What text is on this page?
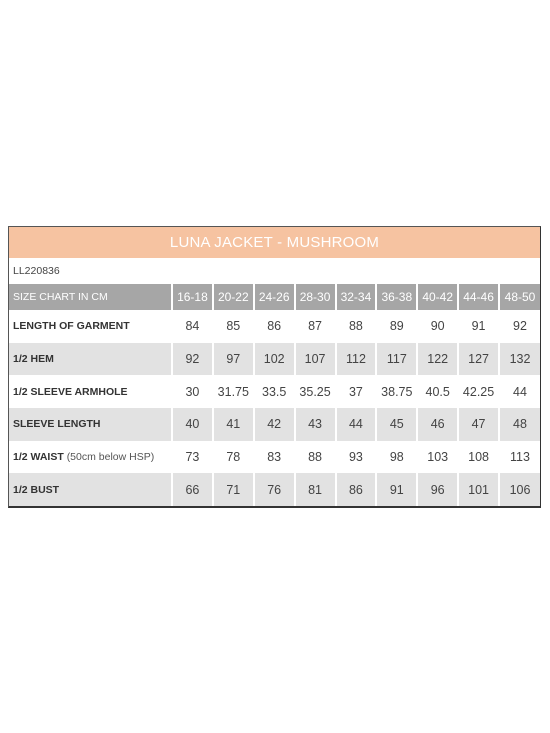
LUNA JACKET - MUSHROOM
LL220836
SIZE CHART IN CM	16-18	20-22	24-26	28-30	32-34	36-38	40-42	44-46	48-50
LENGTH OF GARMENT	84	85	86	87	88	89	90	91	92
1/2 HEM	92	97	102	107	112	117	122	127	132
1/2 SLEEVE ARMHOLE	30	31.75	33.5	35.25	37	38.75	40.5	42.25	44
SLEEVE LENGTH	40	41	42	43	44	45	46	47	48
1/2 WAIST (50cm below HSP)	73	78	83	88	93	98	103	108	113
1/2 BUST	66	71	76	81	86	91	96	101	106
